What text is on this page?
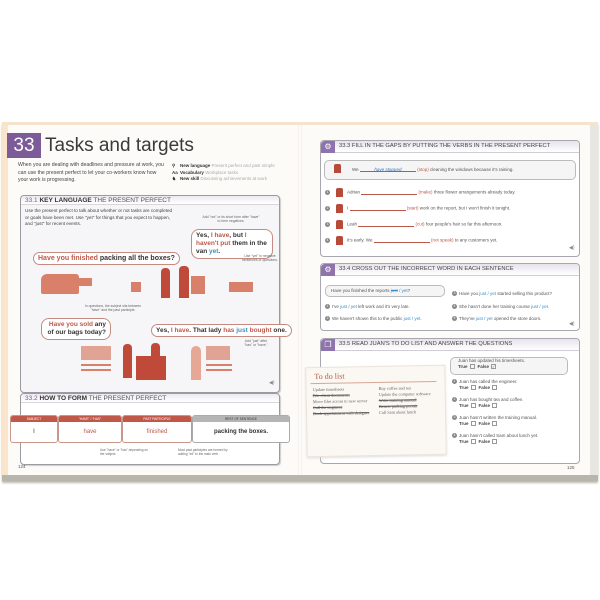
33 Tasks and targets
When you are dealing with deadlines and pressure at work, you can use the present perfect to let your co-workers know how your work is progressing.
⚲ New language Present perfect and past simple
Aa Vocabulary Workplace tasks
♞ New skill Discussing achievements at work
33.1 KEY LANGUAGE THE PRESENT PERFECT
Use the present perfect to talk about whether or not tasks are completed or goals have been met. Use "yet" for things that you expect to happen, and "just" for recent events.
Have you finished packing all the boxes?
Yes, I have, but I haven't put them in the van yet.
Add "not" or its short form after "have" to form negatives.
Use "yet" in negative sentences or questions.
In questions, the subject sits between "have" and the past participle.
Have you sold any of our bags today?	Yes, I have. That lady has just bought one.
Add "just" after "has" or "have."
◀)
33.2 HOW TO FORM THE PRESENT PERFECT
SUBJECT
I
"HAVE" / "HAS"
have
PAST PARTICIPLE
finished
REST OF SENTENCE
packing the boxes.
Use "have" or "has" depending on the subject.
Most past participles are formed by adding "ed" to the main verb.
124
⚙	33.3 FILL IN THE GAPS BY PUTTING THE VERBS IN THE PRESENT PERFECT
We	have stopped	(stop) cleaning the windows because it's raining.
1	Adrian	(make) three flower arrangements already today.
2	I	(start) work on the report, but I won't finish it tonight.
3	Leah	(cut) four people's hair so far this afternoon.
4	It's early. We	(not speak) to any customers yet.
◀)
⚙	33.4 CROSS OUT THE INCORRECT WORD IN EACH SENTENCE
Have you finished the reports just / yet?
1 I've just / yet left work and it's very late.
2 We haven't shown this to the public just / yet.
3 Have you just / yet started selling this product?
4 She hasn't done her training course just / yet.
5 They've just / yet opened the store doors.
◀)
❐	33.5 READ JUAN'S TO DO LIST AND ANSWER THE QUESTIONS
To do list
Update timesheets
File client documents
Move files across to new server
Call the engineer
Book appointment with designer
Buy coffee and tea
Update the computer software
Write training manual
Renew parking permit
Call Sam about lunch
Juan has updated his timesheets.
True False ✓
1 Juan has called the engineer.
True False
2 Juan has bought tea and coffee.
True False
3 Juan hasn't written the training manual.
True False
4 Juan hasn't called Sam about lunch yet.
True False
125
